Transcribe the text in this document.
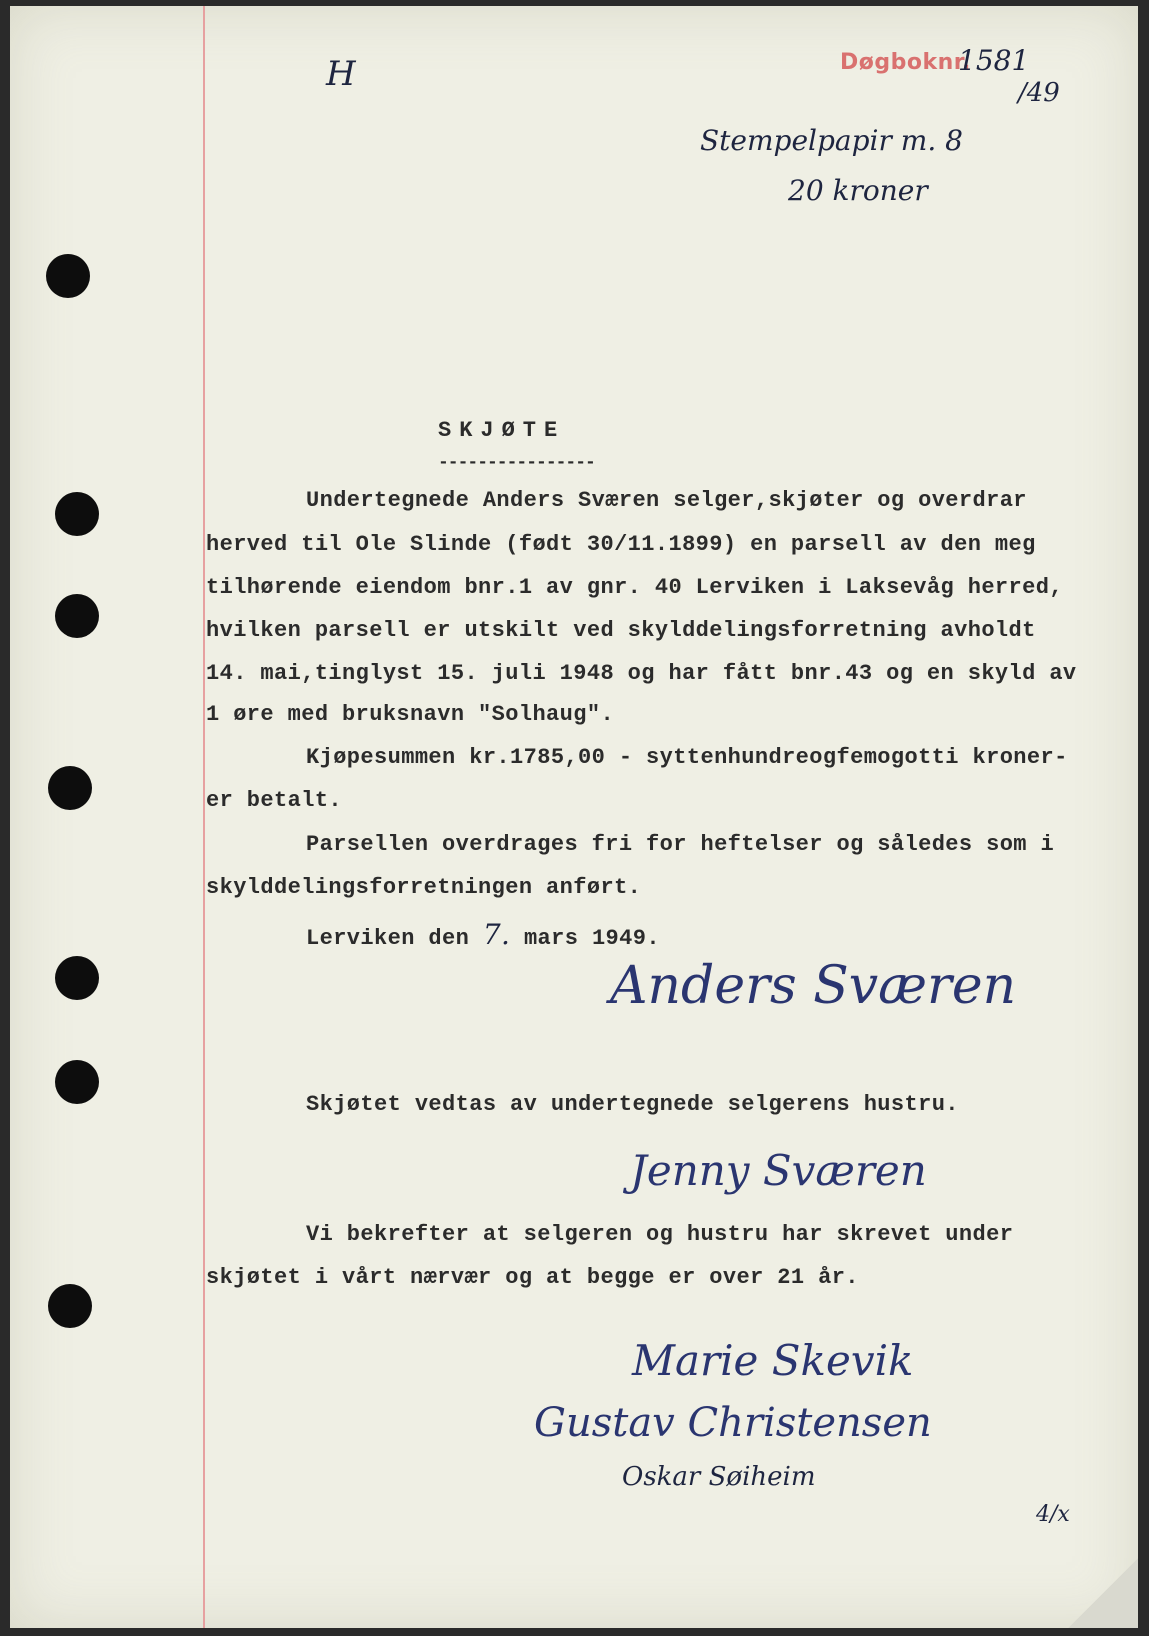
H	Døgboknr.
1581
/49
Stempelpapir m. 8
20 kroner
SKJØTE
----------------
Undertegnede Anders Sværen selger,skjøter og overdrar
herved til Ole Slinde (født 30/11.1899) en parsell av den meg
tilhørende eiendom bnr.1 av gnr. 40 Lerviken i Laksevåg herred,
hvilken parsell er utskilt ved skylddelingsforretning avholdt
14. mai,tinglyst 15. juli 1948 og har fått bnr.43 og en skyld av
1 øre med bruksnavn "Solhaug".
Kjøpesummen kr.1785,00 - syttenhundreogfemogotti kroner-
er betalt.
Parsellen overdrages fri for heftelser og således som i
skylddelingsforretningen anført.
Lerviken den 7. mars 1949.
Anders Sværen
Skjøtet vedtas av undertegnede selgerens hustru.
Jenny Sværen
Vi bekrefter at selgeren og hustru har skrevet under
skjøtet i vårt nærvær og at begge er over 21 år.
Marie Skevik
Gustav Christensen
Oskar Søiheim
4/x
